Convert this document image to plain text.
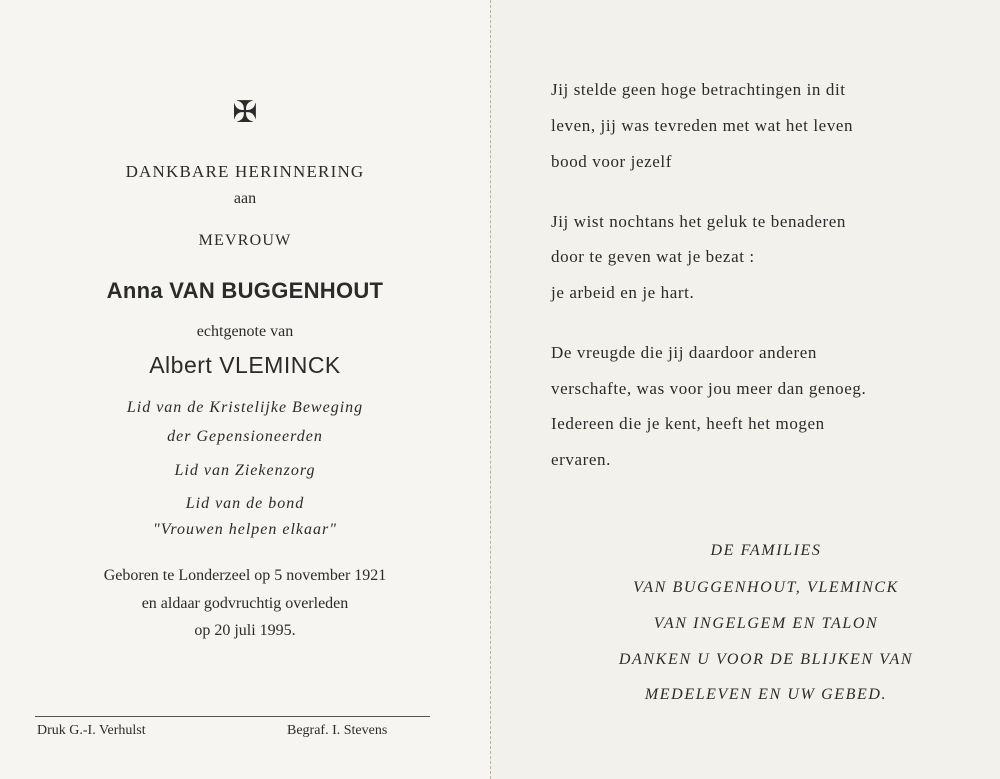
✠
DANKBARE HERINNERING
aan
MEVROUW
Anna VAN BUGGENHOUT
echtgenote van
Albert VLEMINCK
Lid van de Kristelijke Beweging
der Gepensioneerden
Lid van Ziekenzorg
Lid van de bond
"Vrouwen helpen elkaar"
Geboren te Londerzeel op 5 november 1921
en aldaar godvruchtig overleden
op 20 juli 1995.
Druk G.-I. Verhulst	Begraf. I. Stevens
Jij stelde geen hoge betrachtingen in dit
leven, jij was tevreden met wat het leven
bood voor jezelf
Jij wist nochtans het geluk te benaderen
door te geven wat je bezat :
je arbeid en je hart.
De vreugde die jij daardoor anderen
verschafte, was voor jou meer dan genoeg.
Iedereen die je kent, heeft het mogen
ervaren.
DE FAMILIES
VAN BUGGENHOUT, VLEMINCK
VAN INGELGEM EN TALON
DANKEN U VOOR DE BLIJKEN VAN
MEDELEVEN EN UW GEBED.
